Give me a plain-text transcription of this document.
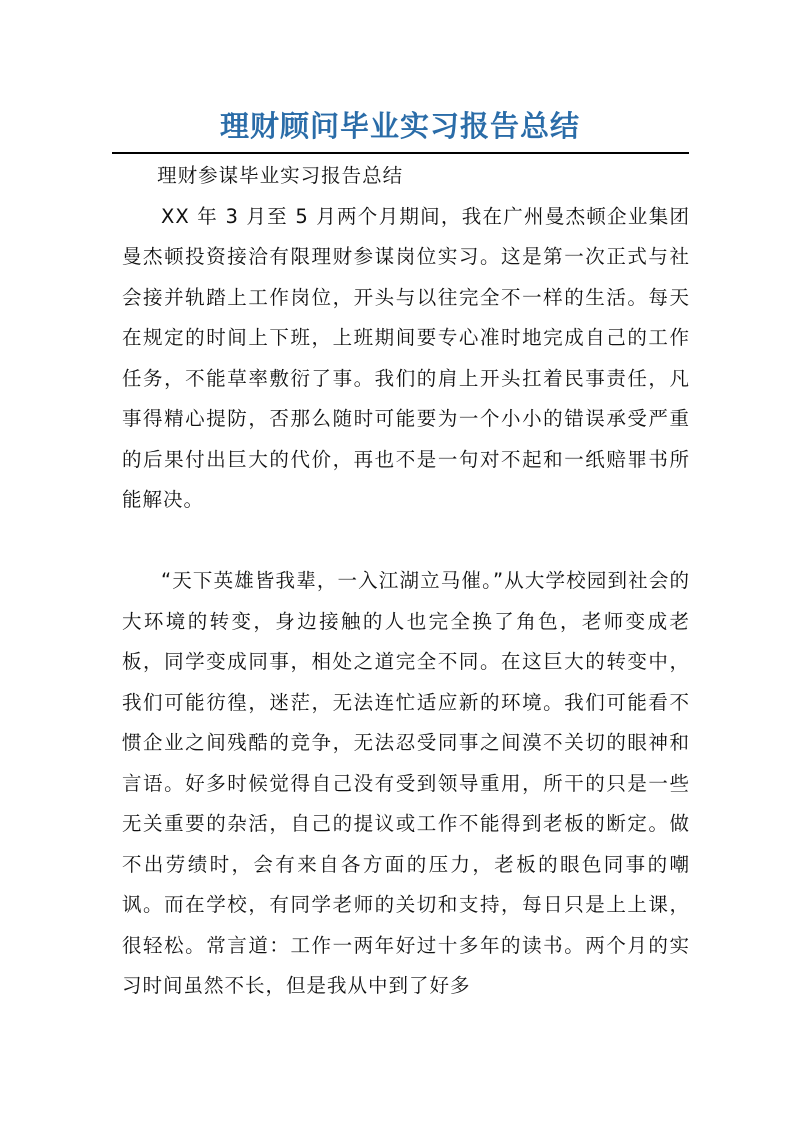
理财顾问毕业实习报告总结

理财参谋毕业实习报告总结

XX 年 3 月至 5 月两个月期间，我在广州曼杰顿企业集团曼杰顿投资接洽有限理财参谋岗位实习。这是第一次正式与社会接并轨踏上工作岗位，开头与以往完全不一样的生活。每天在规定的时间上下班，上班期间要专心准时地完成自己的工作任务，不能草率敷衍了事。我们的肩上开头扛着民事责任，凡事得精心提防，否那么随时可能要为一个小小的错误承受严重的后果付出巨大的代价，再也不是一句对不起和一纸赔罪书所能解决。

“天下英雄皆我辈，一入江湖立马催。”从大学校园到社会的大环境的转变，身边接触的人也完全换了角色，老师变成老板，同学变成同事，相处之道完全不同。在这巨大的转变中，我们可能彷徨，迷茫，无法连忙适应新的环境。我们可能看不惯企业之间残酷的竞争，无法忍受同事之间漠不关切的眼神和言语。好多时候觉得自己没有受到领导重用，所干的只是一些无关重要的杂活，自己的提议或工作不能得到老板的断定。做不出劳绩时，会有来自各方面的压力，老板的眼色同事的嘲讽。而在学校，有同学老师的关切和支持，每日只是上上课，很轻松。常言道：工作一两年好过十多年的读书。两个月的实习时间虽然不长，但是我从中到了好多
